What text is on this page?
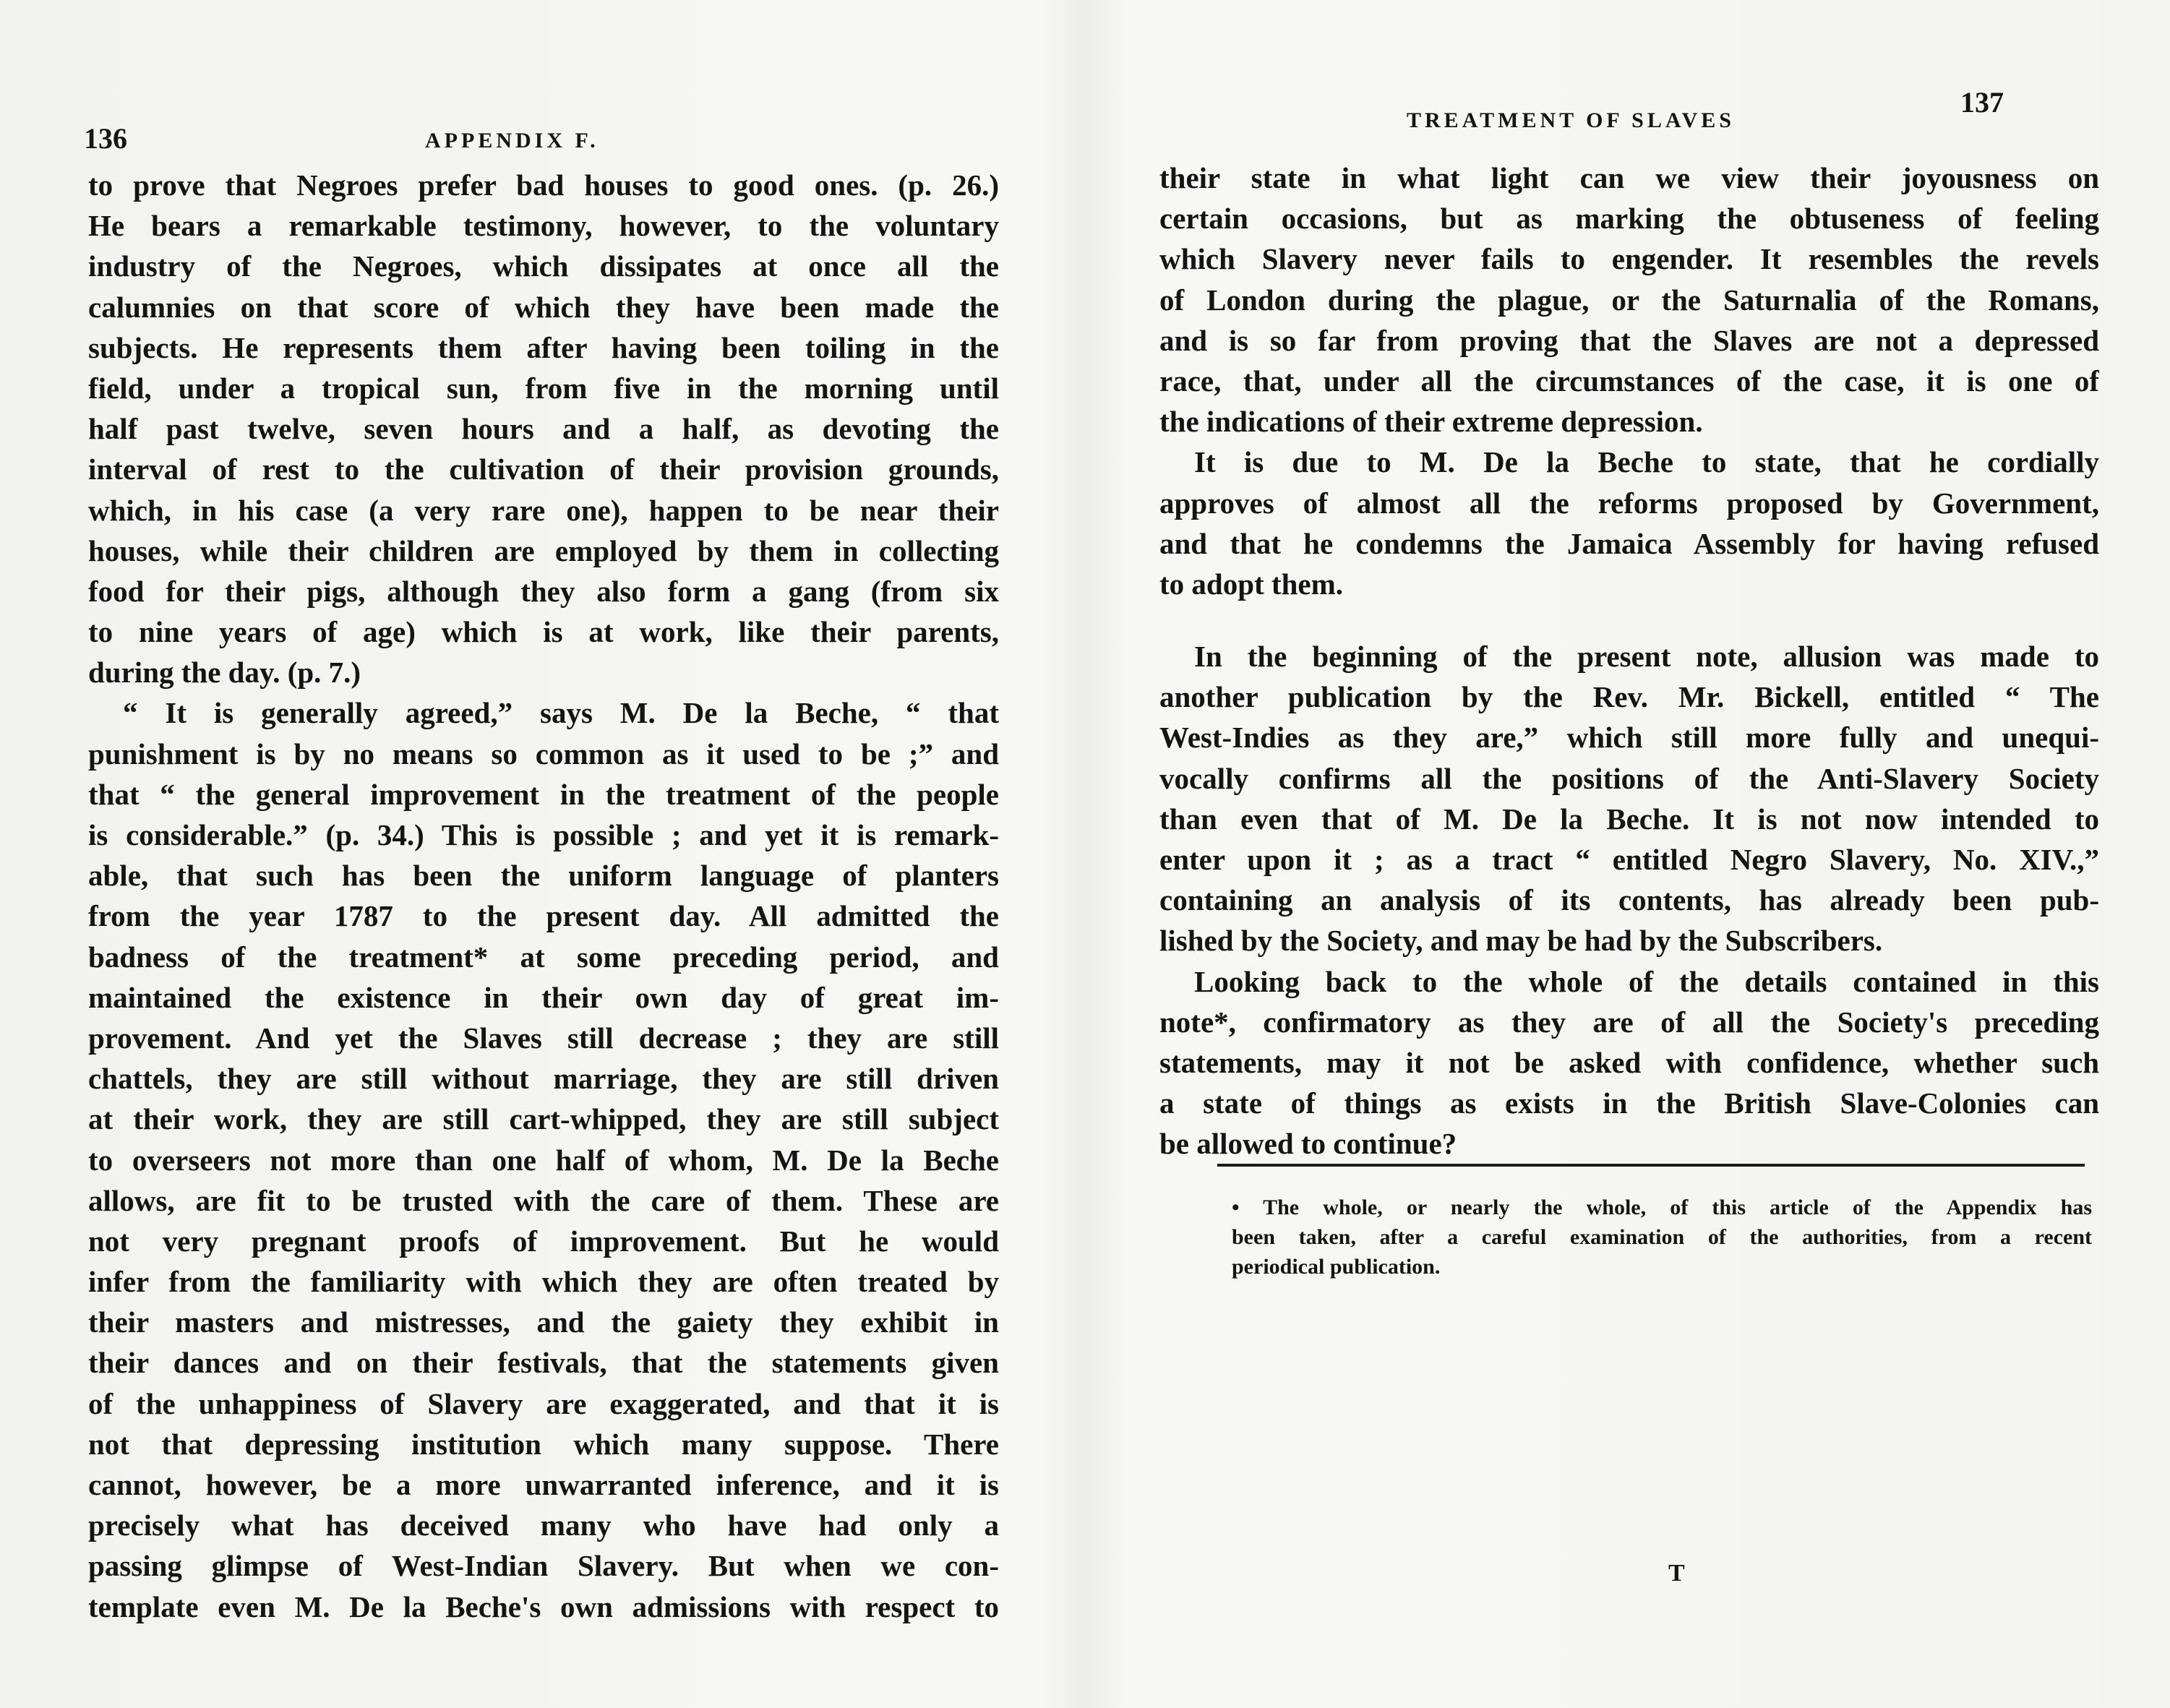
136	APPENDIX F.

to prove that Negroes prefer bad houses to good ones. (p. 26.)
He bears a remarkable testimony, however, to the voluntary
industry of the Negroes, which dissipates at once all the
calumnies on that score of which they have been made the
subjects. He represents them after having been toiling in the
field, under a tropical sun, from five in the morning until
half past twelve, seven hours and a half, as devoting the
interval of rest to the cultivation of their provision grounds,
which, in his case (a very rare one), happen to be near their
houses, while their children are employed by them in collecting
food for their pigs, although they also form a gang (from six
to nine years of age) which is at work, like their parents,
during the day. (p. 7.)
“ It is generally agreed,” says M. De la Beche, “ that
punishment is by no means so common as it used to be ;” and
that “ the general improvement in the treatment of the people
is considerable.” (p. 34.) This is possible ; and yet it is remark-
able, that such has been the uniform language of planters
from the year 1787 to the present day. All admitted the
badness of the treatment* at some preceding period, and
maintained the existence in their own day of great im-
provement. And yet the Slaves still decrease ; they are still
chattels, they are still without marriage, they are still driven
at their work, they are still cart-whipped, they are still subject
to overseers not more than one half of whom, M. De la Beche
allows, are fit to be trusted with the care of them. These are
not very pregnant proofs of improvement. But he would
infer from the familiarity with which they are often treated by
their masters and mistresses, and the gaiety they exhibit in
their dances and on their festivals, that the statements given
of the unhappiness of Slavery are exaggerated, and that it is
not that depressing institution which many suppose. There
cannot, however, be a more unwarranted inference, and it is
precisely what has deceived many who have had only a
passing glimpse of West-Indian Slavery. But when we con-
template even M. De la Beche's own admissions with respect to

TREATMENT OF SLAVES

137

their state in what light can we view their joyousness on
certain occasions, but as marking the obtuseness of feeling
which Slavery never fails to engender. It resembles the revels
of London during the plague, or the Saturnalia of the Romans,
and is so far from proving that the Slaves are not a depressed
race, that, under all the circumstances of the case, it is one of
the indications of their extreme depression.
It is due to M. De la Beche to state, that he cordially
approves of almost all the reforms proposed by Government,
and that he condemns the Jamaica Assembly for having refused
to adopt them.
In the beginning of the present note, allusion was made to
another publication by the Rev. Mr. Bickell, entitled “ The
West-Indies as they are,” which still more fully and unequi-
vocally confirms all the positions of the Anti-Slavery Society
than even that of M. De la Beche. It is not now intended to
enter upon it ; as a tract “ entitled Negro Slavery, No. XIV.,”
containing an analysis of its contents, has already been pub-
lished by the Society, and may be had by the Subscribers.
Looking back to the whole of the details contained in this
note*, confirmatory as they are of all the Society's preceding
statements, may it not be asked with confidence, whether such
a state of things as exists in the British Slave-Colonies can
be allowed to continue?
• The whole, or nearly the whole, of this article of the Appendix has
been taken, after a careful examination of the authorities, from a recent
periodical publication.

T
